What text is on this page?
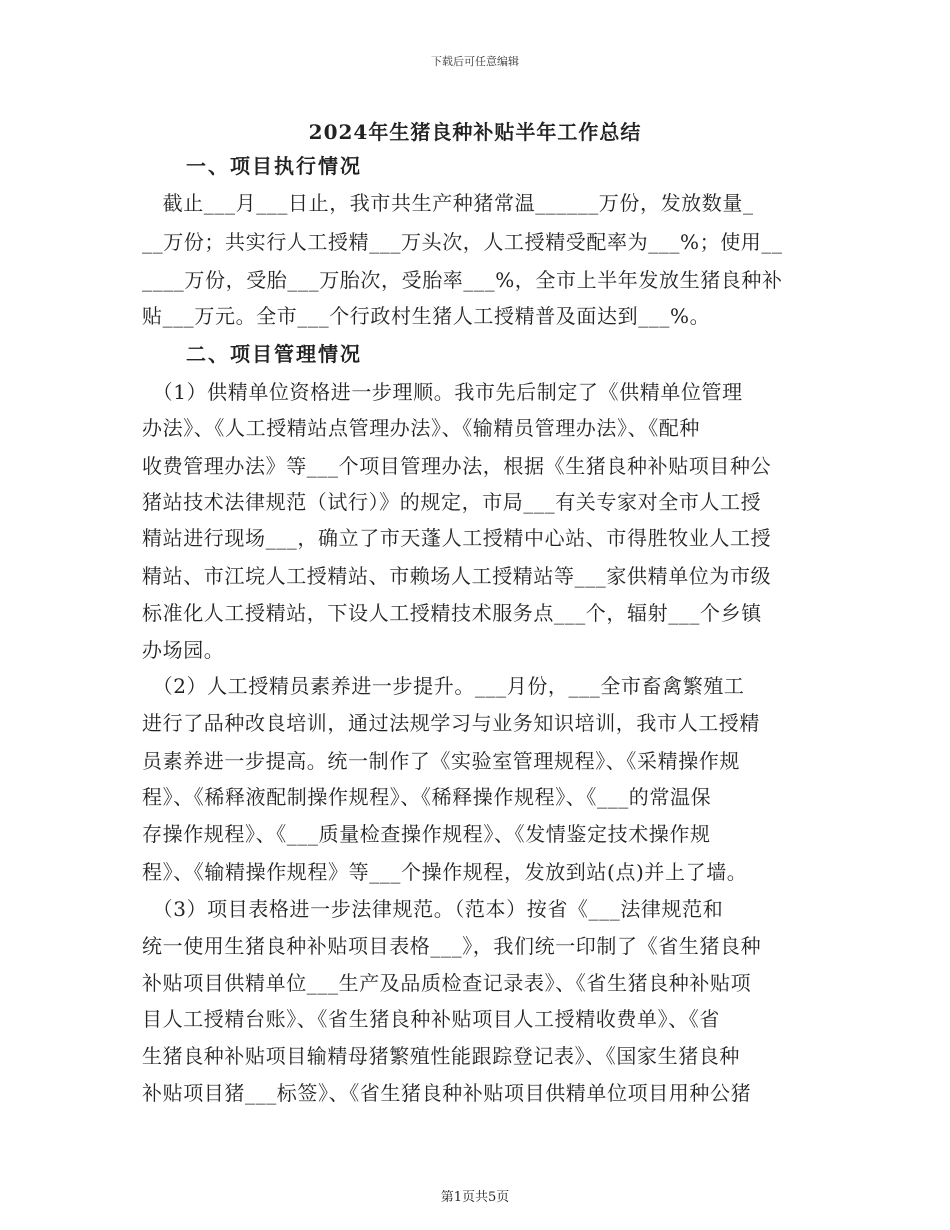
下载后可任意编辑
2024年生猪良种补贴半年工作总结
一、项目执行情况
　截止___月___日止，我市共生产种猪常温______万份，发放数量_
__万份；共实行人工授精___万头次，人工授精受配率为___%；使用__
____万份，受胎___万胎次，受胎率___%，全市上半年发放生猪良种补
贴___万元。全市___个行政村生猪人工授精普及面达到___%。
二、项目管理情况
　（1）供精单位资格进一步理顺。我市先后制定了《供精单位管理
办法》、《人工授精站点管理办法》、《输精员管理办法》、《配种
收费管理办法》等___个项目管理办法，根据《生猪良种补贴项目种公
猪站技术法律规范（试行）》的规定，市局___有关专家对全市人工授
精站进行现场___，确立了市天蓬人工授精中心站、市得胜牧业人工授
精站、市江垸人工授精站、市赖场人工授精站等___家供精单位为市级
标准化人工授精站，下设人工授精技术服务点___个，辐射___个乡镇
办场园。
　（2）人工授精员素养进一步提升。___月份，___全市畜禽繁殖工
进行了品种改良培训，通过法规学习与业务知识培训，我市人工授精
员素养进一步提高。统一制作了《实验室管理规程》、《采精操作规
程》、《稀释液配制操作规程》、《稀释操作规程》、《___的常温保
存操作规程》、《___质量检查操作规程》、《发情鉴定技术操作规
程》、《输精操作规程》等___个操作规程，发放到站(点)并上了墙。
　（3）项目表格进一步法律规范。（范本）按省《___法律规范和
统一使用生猪良种补贴项目表格___》，我们统一印制了《省生猪良种
补贴项目供精单位___生产及品质检查记录表》、《省生猪良种补贴项
目人工授精台账》、《省生猪良种补贴项目人工授精收费单》、《省
生猪良种补贴项目输精母猪繁殖性能跟踪登记表》、《国家生猪良种
补贴项目猪___标签》、《省生猪良种补贴项目供精单位项目用种公猪
第1页共5页
